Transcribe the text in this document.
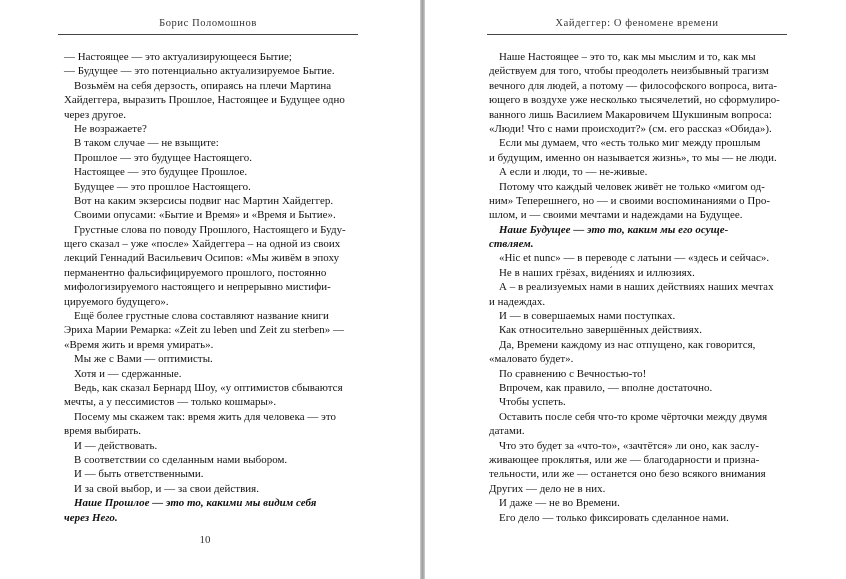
Борис Поломошнов
— Настоящее — это актуализирующееся Бытие;
— Будущее — это потенциально актуализируемое Бытие.
Возьмём на себя дерзость, опираясь на плечи Мартина
Хайдеггера, выразить Прошлое, Настоящее и Будущее одно
через другое.
Не возражаете?
В таком случае — не взыщите:
Прошлое — это будущее Настоящего.
Настоящее — это будущее Прошлое.
Будущее — это прошлое Настоящего.
Вот на каким экзерсисы подвиг нас Мартин Хайдеггер.
Своими опусами: «Бытие и Время» и «Время и Бытие».
Грустные слова по поводу Прошлого, Настоящего и Буду-
щего сказал – уже «после» Хайдеггера – на одной из своих
лекций Геннадий Васильевич Осипов: «Мы живём в эпоху
перманентно фальсифицируемого прошлого, постоянно
мифологизируемого настоящего и непрерывно мистифи-
цируемого будущего».
Ещё более грустные слова составляют название книги
Эриха Марии Ремарка: «Zeit zu leben und Zeit zu sterben» —
«Время жить и время умирать».
Мы же с Вами — оптимисты.
Хотя и — сдержанные.
Ведь, как сказал Бернард Шоу, «у оптимистов сбываются
мечты, а у пессимистов — только кошмары».
Посему мы скажем так: время жить для человека — это
время выбирать.
И — действовать.
В соответствии со сделанным нами выбором.
И — быть ответственными.
И за свой выбор, и — за свои действия.
Наше Прошлое — это то, какими мы видим себя
через Него.
10
Хайдеггер: О феномене времени
Наше Настоящее – это то, как мы мыслим и то, как мы
действуем для того, чтобы преодолеть неизбывный трагизм
вечного для людей, а потому — философского вопроса, вита-
ющего в воздухе уже несколько тысячелетий, но сформулиро-
ванного лишь Василием Макаровичем Шукшиным вопроса:
«Люди! Что с нами происходит?» (см. его рассказ «Обида»).
Если мы думаем, что «есть только миг между прошлым
и будущим, именно он называется жизнь», то мы — не люди.
А если и люди, то — не-живые.
Потому что каждый человек живёт не только «мигом од-
ним» Теперешнего, но — и своими воспоминаниями о Про-
шлом, и — своими мечтами и надеждами на Будущее.
Наше Будущее — это то, каким мы его осуще-
ствляем.
«Hic et nunc» — в переводе с латыни — «здесь и сейчас».
Не в наших грёзах, виде́ниях и иллюзиях.
А – в реализуемых нами в наших действиях наших мечтах
и надеждах.
И — в совершаемых нами поступках.
Как относительно завершённых действиях.
Да, Времени каждому из нас отпущено, как говорится,
«маловато будет».
По сравнению с Вечностью-то!
Впрочем, как правило, — вполне достаточно.
Чтобы успеть.
Оставить после себя что-то кроме чёрточки между двумя
датами.
Что это будет за «что-то», «зачтётся» ли оно, как заслу-
живающее проклятья, или же — благодарности и призна-
тельности, или же — останется оно безо всякого внимания
Других — дело не в них.
И даже — не во Времени.
Его дело — только фиксировать сделанное нами.
